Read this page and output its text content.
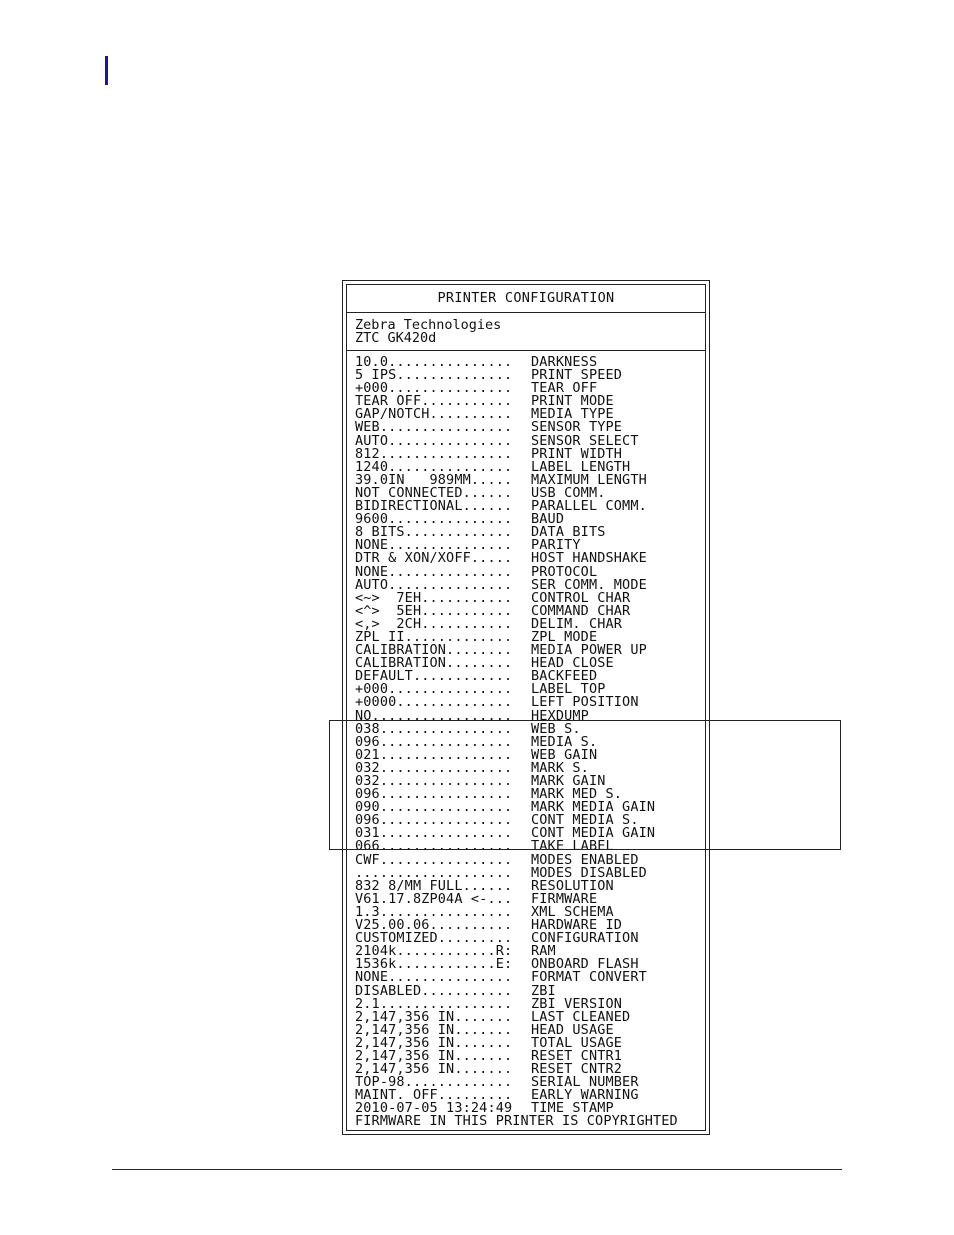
PRINTER CONFIGURATION
Zebra Technologies
ZTC GK420d
10.0............... DARKNESS
5 IPS.............. PRINT SPEED
+000............... TEAR OFF
TEAR OFF........... PRINT MODE
GAP/NOTCH.......... MEDIA TYPE
WEB................ SENSOR TYPE
AUTO............... SENSOR SELECT
812................ PRINT WIDTH
1240............... LABEL LENGTH
39.0IN   989MM..... MAXIMUM LENGTH
NOT CONNECTED...... USB COMM.
BIDIRECTIONAL...... PARALLEL COMM.
9600............... BAUD
8 BITS............. DATA BITS
NONE............... PARITY
DTR & XON/XOFF..... HOST HANDSHAKE
NONE............... PROTOCOL
AUTO............... SER COMM. MODE
<~>  7EH........... CONTROL CHAR
<^>  5EH........... COMMAND CHAR
<,>  2CH........... DELIM. CHAR
ZPL II............. ZPL MODE
CALIBRATION........ MEDIA POWER UP
CALIBRATION........ HEAD CLOSE
DEFAULT............ BACKFEED
+000............... LABEL TOP
+0000.............. LEFT POSITION
NO................. HEXDUMP
038................ WEB S.
096................ MEDIA S.
021................ WEB GAIN
032................ MARK S.
032................ MARK GAIN
096................ MARK MED S.
090................ MARK MEDIA GAIN
096................ CONT MEDIA S.
031................ CONT MEDIA GAIN
066................ TAKE LABEL
CWF................ MODES ENABLED
................... MODES DISABLED
832 8/MM FULL...... RESOLUTION
V61.17.8ZP04A <-... FIRMWARE
1.3................ XML SCHEMA
V25.00.06.......... HARDWARE ID
CUSTOMIZED......... CONFIGURATION
2104k............R: RAM
1536k............E: ONBOARD FLASH
NONE............... FORMAT CONVERT
DISABLED........... ZBI
2.1................ ZBI VERSION
2,147,356 IN....... LAST CLEANED
2,147,356 IN....... HEAD USAGE
2,147,356 IN....... TOTAL USAGE
2,147,356 IN....... RESET CNTR1
2,147,356 IN....... RESET CNTR2
TOP-98............. SERIAL NUMBER
MAINT. OFF......... EARLY WARNING
2010-07-05 13:24:49 TIME STAMP
FIRMWARE IN THIS PRINTER IS COPYRIGHTED
